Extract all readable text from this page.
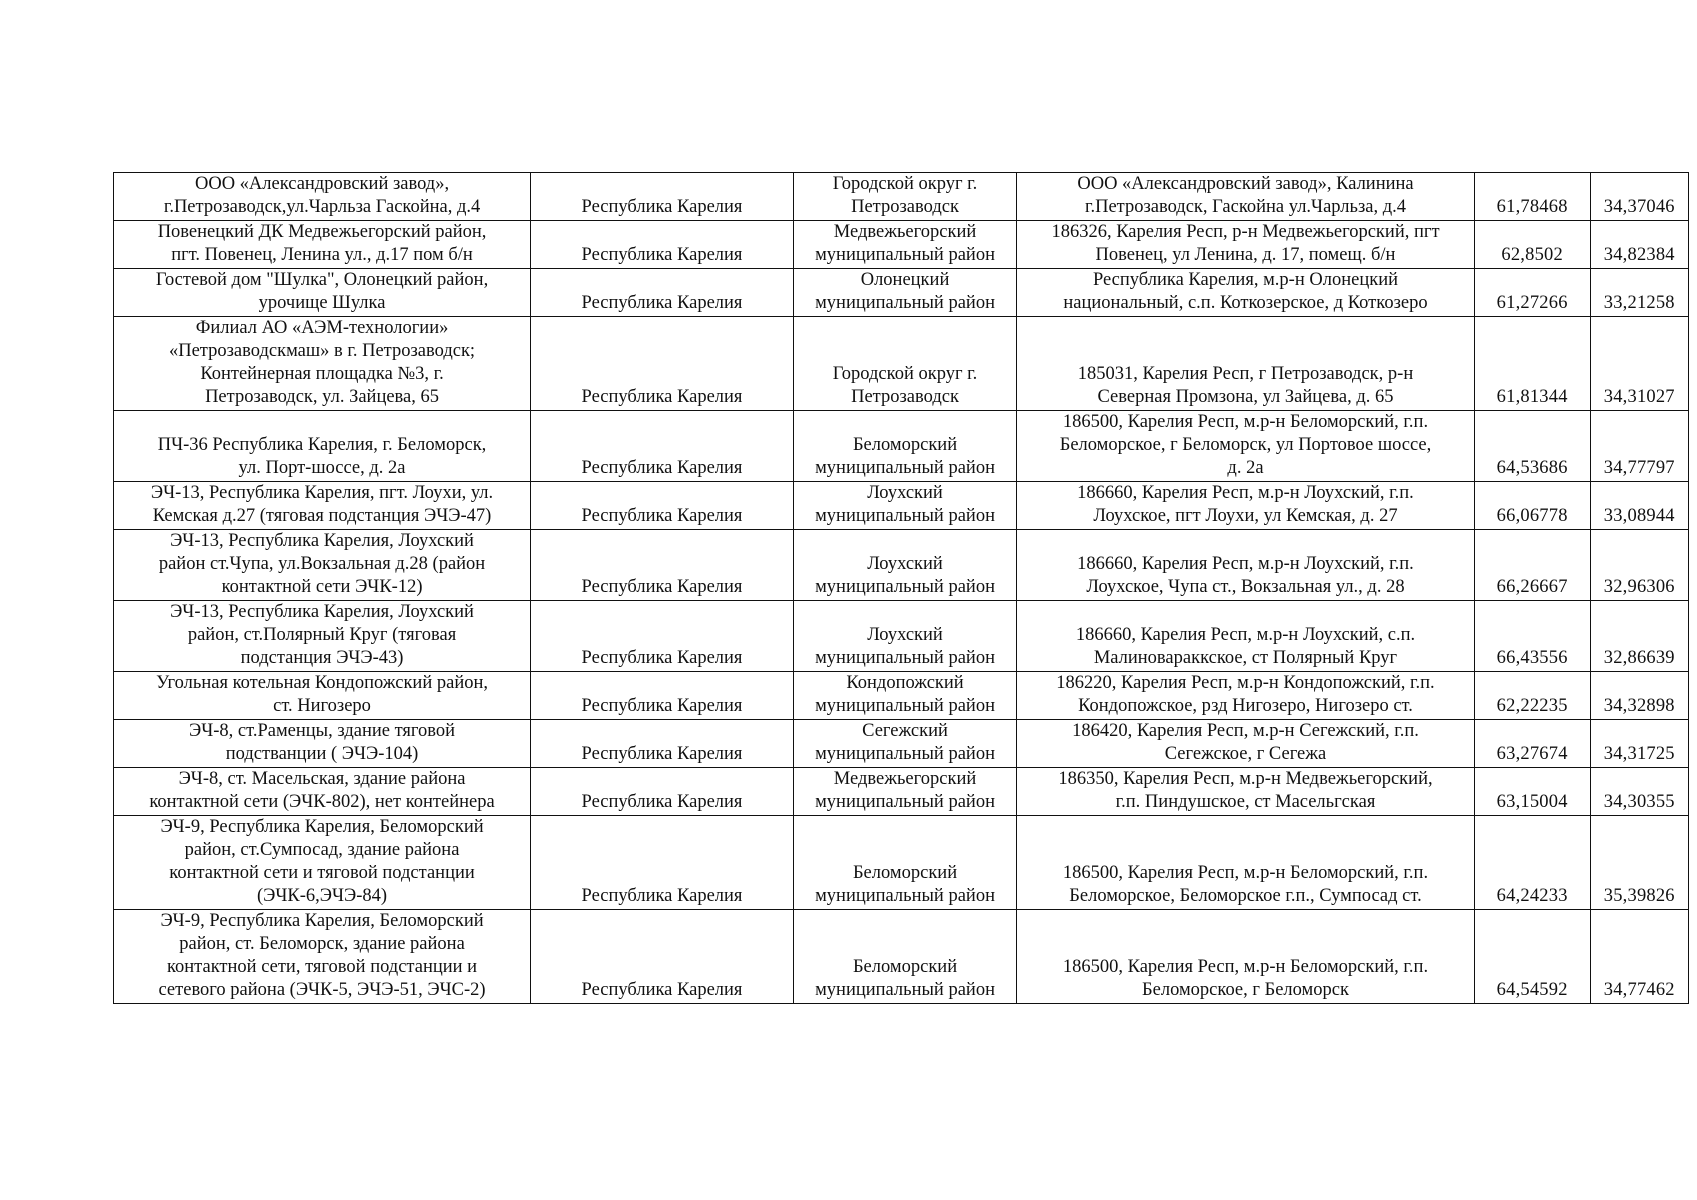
ООО «Александровский завод»,
г.Петрозаводск,ул.Чарльза Гаскойна, д.4	Республика Карелия	Городской округ г.
Петрозаводск	ООО «Александровский завод», Калинина
г.Петрозаводск, Гаскойна ул.Чарльза, д.4	61,78468	34,37046

Повенецкий ДК Медвежьегорский район,
пгт. Повенец, Ленина ул., д.17 пом б/н	Республика Карелия	Медвежьегорский
муниципальный район	186326, Карелия Респ, р-н Медвежьегорский, пгт
Повенец, ул Ленина, д. 17, помещ. б/н	62,8502	34,82384

Гостевой дом "Шулка", Олонецкий район,
урочище Шулка	Республика Карелия	Олонецкий
муниципальный район	Республика Карелия, м.р-н Олонецкий
национальный, с.п. Коткозерское, д Коткозеро	61,27266	33,21258

Филиал АО «АЭМ-технологии»
«Петрозаводскмаш» в г. Петрозаводск;
Контейнерная площадка №3, г.
Петрозаводск, ул. Зайцева, 65	Республика Карелия	Городской округ г.
Петрозаводск	185031, Карелия Респ, г Петрозаводск, р-н
Северная Промзона, ул Зайцева, д. 65	61,81344	34,31027

ПЧ-36 Республика Карелия, г. Беломорск,
ул. Порт-шоссе, д. 2а	Республика Карелия	Беломорский
муниципальный район	186500, Карелия Респ, м.р-н Беломорский, г.п.
Беломорское, г Беломорск, ул Портовое шоссе,
д. 2а	64,53686	34,77797

ЭЧ-13, Республика Карелия, пгт. Лоухи, ул.
Кемская д.27 (тяговая подстанция ЭЧЭ-47)	Республика Карелия	Лоухский
муниципальный район	186660, Карелия Респ, м.р-н Лоухский, г.п.
Лоухское, пгт Лоухи, ул Кемская, д. 27	66,06778	33,08944

ЭЧ-13, Республика Карелия, Лоухский
район ст.Чупа, ул.Вокзальная д.28 (район
контактной сети ЭЧК-12)	Республика Карелия	Лоухский
муниципальный район	186660, Карелия Респ, м.р-н Лоухский, г.п.
Лоухское, Чупа ст., Вокзальная ул., д. 28	66,26667	32,96306

ЭЧ-13, Республика Карелия, Лоухский
район, ст.Полярный Круг (тяговая
подстанция ЭЧЭ-43)	Республика Карелия	Лоухский
муниципальный район	186660, Карелия Респ, м.р-н Лоухский, с.п.
Малиновараккское, ст Полярный Круг	66,43556	32,86639

Угольная котельная Кондопожский район,
ст. Нигозеро	Республика Карелия	Кондопожский
муниципальный район	186220, Карелия Респ, м.р-н Кондопожский, г.п.
Кондопожское, рзд Нигозеро, Нигозеро ст.	62,22235	34,32898

ЭЧ-8, ст.Раменцы, здание тяговой
подстванции ( ЭЧЭ-104)	Республика Карелия	Сегежский
муниципальный район	186420, Карелия Респ, м.р-н Сегежский, г.п.
Сегежское, г Сегежа	63,27674	34,31725

ЭЧ-8, ст. Масельская, здание района
контактной сети (ЭЧК-802), нет контейнера	Республика Карелия	Медвежьегорский
муниципальный район	186350, Карелия Респ, м.р-н Медвежьегорский,
г.п. Пиндушское, ст Масельгская	63,15004	34,30355

ЭЧ-9, Республика Карелия, Беломорский
район, ст.Сумпосад, здание района
контактной сети и тяговой подстанции
(ЭЧК-6,ЭЧЭ-84)	Республика Карелия	Беломорский
муниципальный район	186500, Карелия Респ, м.р-н Беломорский, г.п.
Беломорское, Беломорское г.п., Сумпосад ст.	64,24233	35,39826

ЭЧ-9, Республика Карелия, Беломорский
район, ст. Беломорск, здание района
контактной сети, тяговой подстанции и
сетевого района (ЭЧК-5, ЭЧЭ-51, ЭЧС-2)	Республика Карелия	Беломорский
муниципальный район	186500, Карелия Респ, м.р-н Беломорский, г.п.
Беломорское, г Беломорск	64,54592	34,77462
